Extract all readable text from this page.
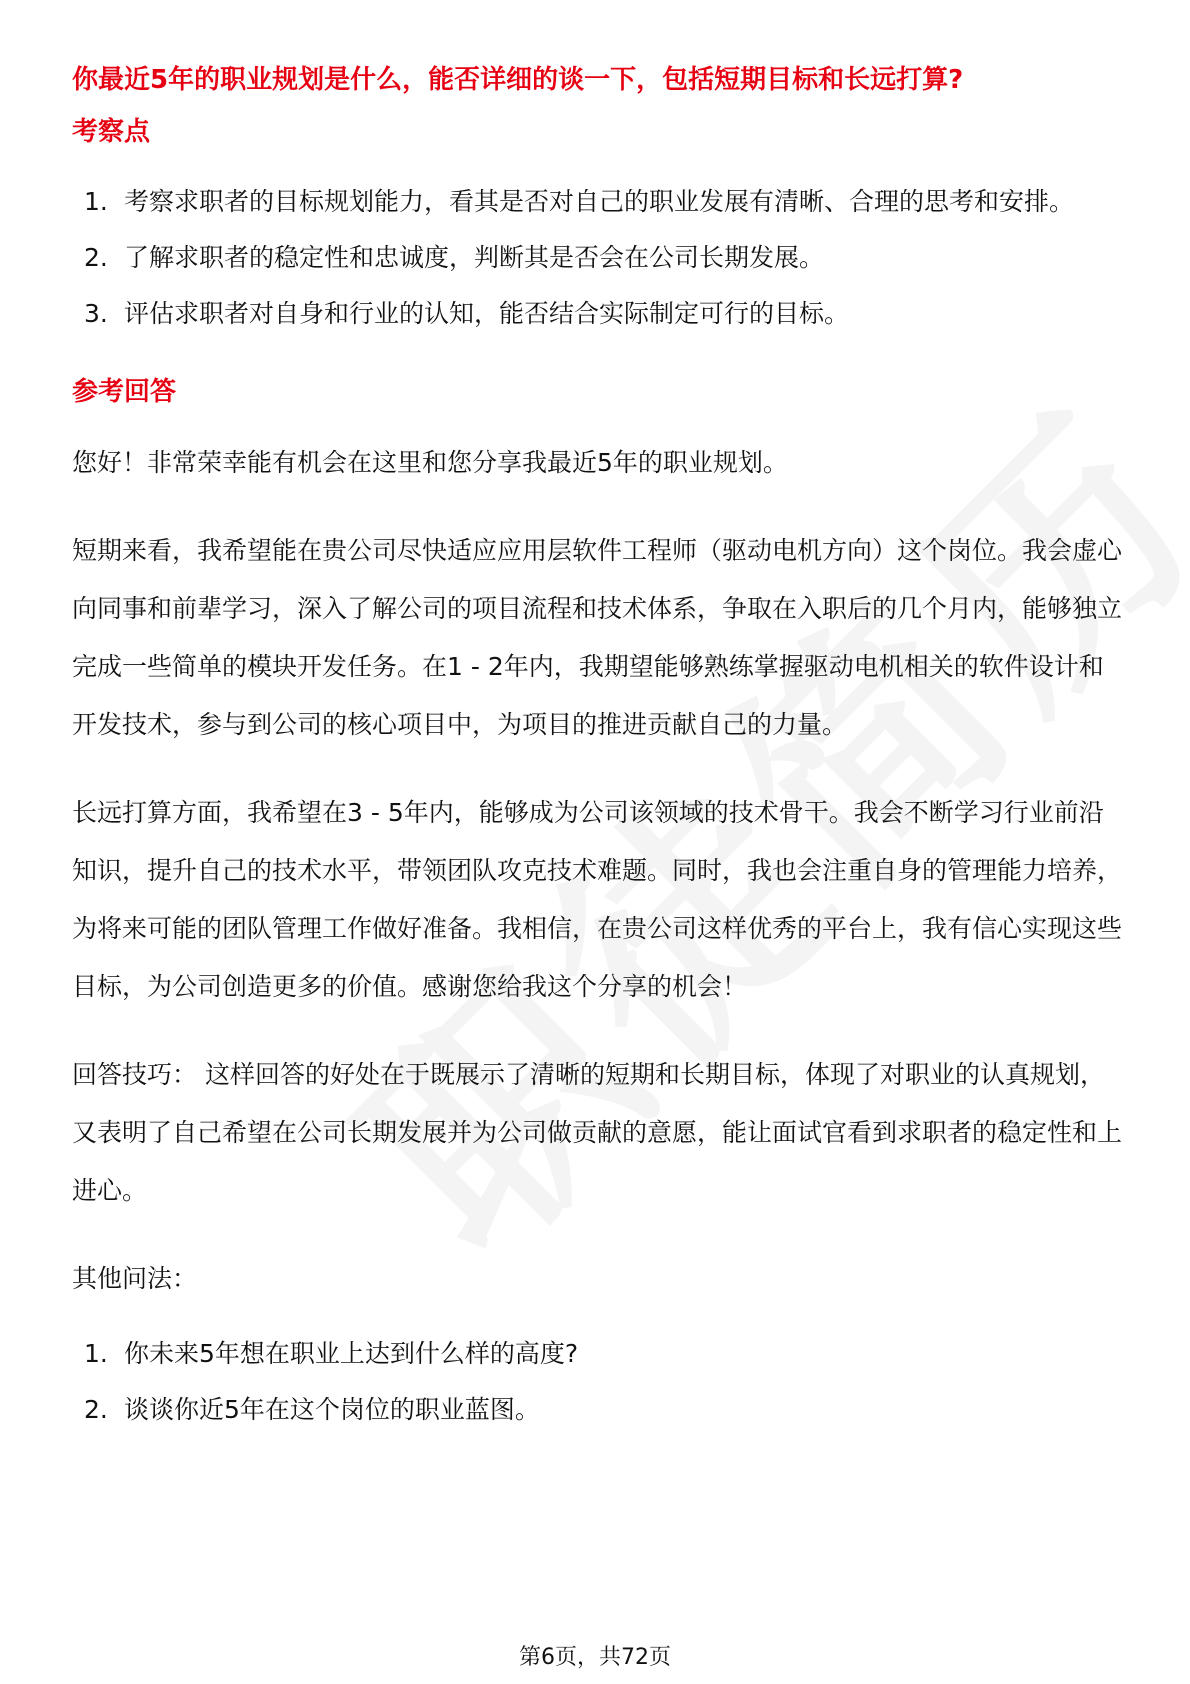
你最近5年的职业规划是什么，能否详细的谈一下，包括短期目标和长远打算?
考察点
1. 考察求职者的目标规划能力，看其是否对自己的职业发展有清晰、合理的思考和安排。
2. 了解求职者的稳定性和忠诚度，判断其是否会在公司长期发展。
3. 评估求职者对自身和行业的认知，能否结合实际制定可行的目标。
参考回答

您好！非常荣幸能有机会在这里和您分享我最近5年的职业规划。

短期来看，我希望能在贵公司尽快适应应用层软件工程师（驱动电机方向）这个岗位。我会虚心向同事和前辈学习，深入了解公司的项目流程和技术体系，争取在入职后的几个月内，能够独立完成一些简单的模块开发任务。在1 - 2年内，我期望能够熟练掌握驱动电机相关的软件设计和开发技术，参与到公司的核心项目中，为项目的推进贡献自己的力量。

长远打算方面，我希望在3 - 5年内，能够成为公司该领域的技术骨干。我会不断学习行业前沿知识，提升自己的技术水平，带领团队攻克技术难题。同时，我也会注重自身的管理能力培养，为将来可能的团队管理工作做好准备。我相信，在贵公司这样优秀的平台上，我有信心实现这些目标，为公司创造更多的价值。感谢您给我这个分享的机会！

回答技巧： 这样回答的好处在于既展示了清晰的短期和长期目标，体现了对职业的认真规划，又表明了自己希望在公司长期发展并为公司做贡献的意愿，能让面试官看到求职者的稳定性和上进心。

其他问法：

1. 你未来5年想在职业上达到什么样的高度?
2. 谈谈你近5年在这个岗位的职业蓝图。
第6页，共72页
